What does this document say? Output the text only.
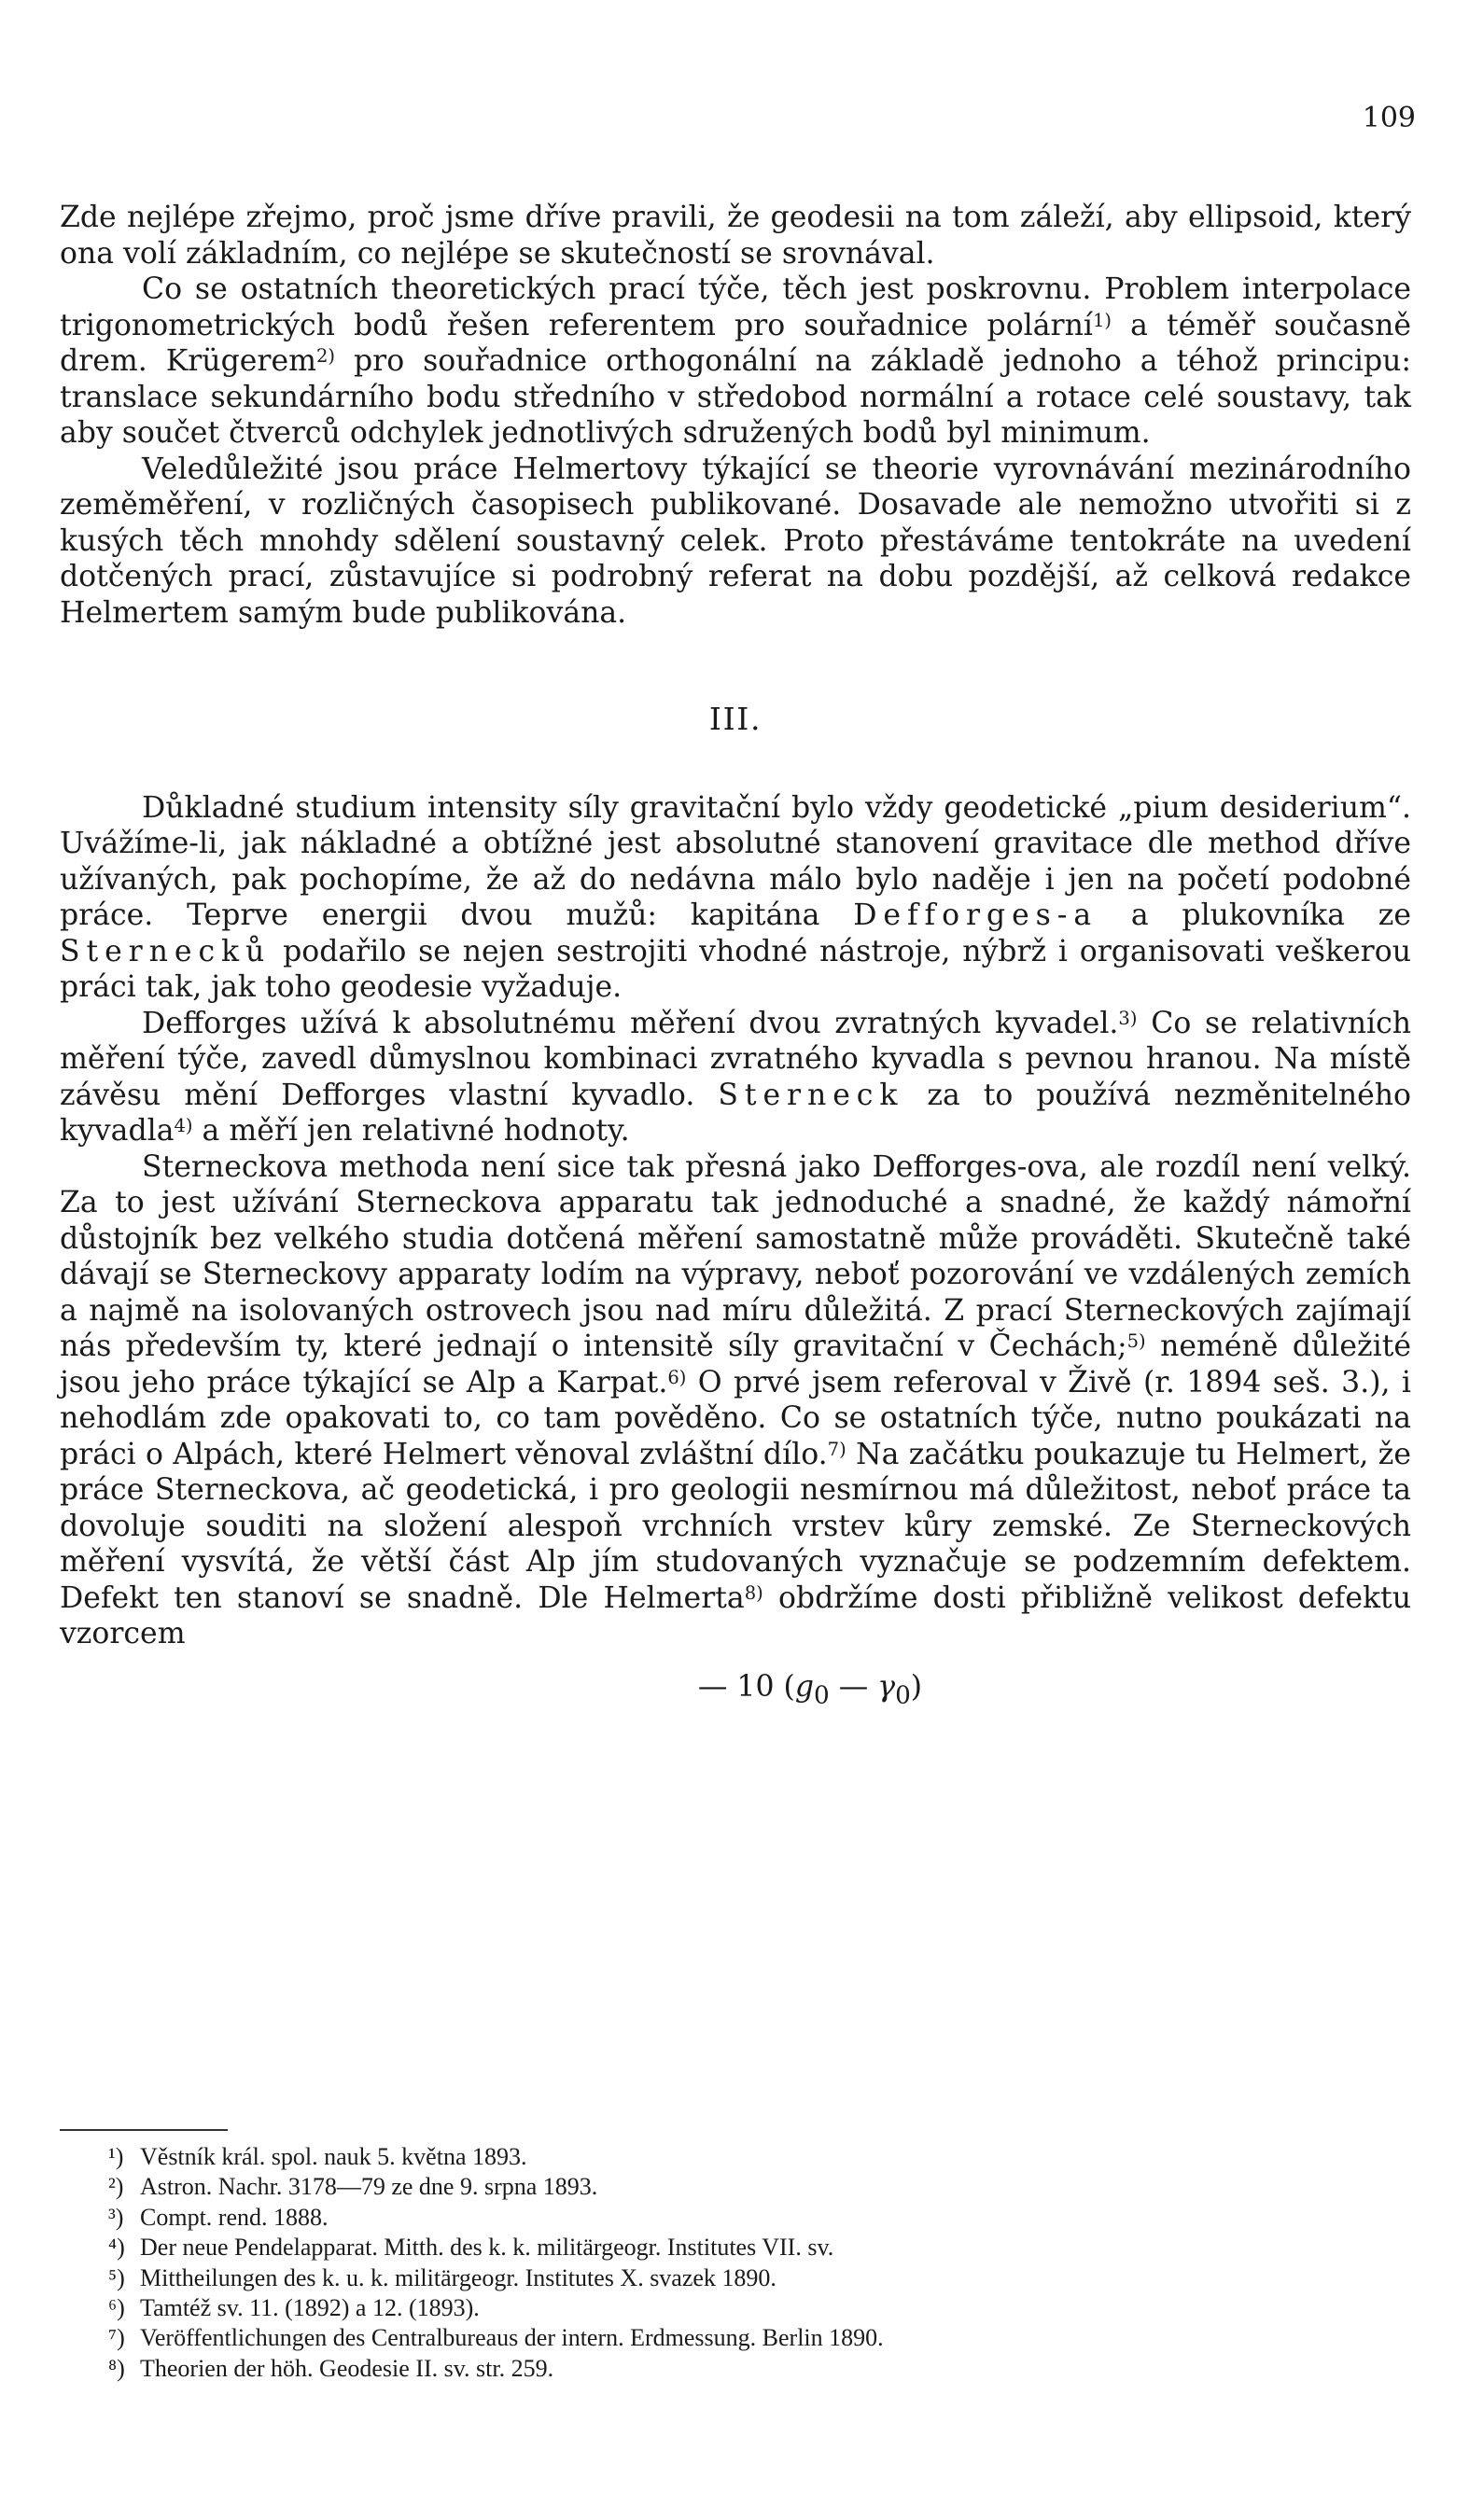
109

Zde nejlépe zřejmo, proč jsme dříve pravili, že geodesii na tom záleží, aby ellipsoid, který ona volí základním, co nejlépe se skutečností se srovnával.

Co se ostatních theoretických prací týče, těch jest poskrovnu. Problem interpolace trigonometrických bodů řešen referentem pro souřadnice polární$^{1)}$ a téměř současně drem. Krügerem$^{2)}$ pro souřadnice orthogonální na základě jednoho a téhož principu: translace sekundárního bodu středního v středobod normální a rotace celé soustavy, tak aby součet čtverců odchylek jednotlivých sdružených bodů byl minimum.

Veledůležité jsou práce Helmertovy týkající se theorie vyrovnávání mezinárodního zeměměření, v rozličných časopisech publikované. Dosavade ale nemožno utvořiti si z kusých těch mnohdy sdělení soustavný celek. Proto přestáváme tentokráte na uvedení dotčených prací, zůstavujíce si podrobný referat na dobu pozdější, až celková redakce Helmertem samým bude publikována.

III.

Důkladné studium intensity síly gravitační bylo vždy geodetické „pium desiderium“. Uvážíme-li, jak nákladné a obtížné jest absolutné stanovení gravitace dle method dříve užívaných, pak pochopíme, že až do nedávna málo bylo naděje i jen na početí podobné práce. Teprve energii dvou mužů: kapitána Defforges-a a plukovníka ze Sternecků podařilo se nejen sestrojiti vhodné nástroje, nýbrž i organisovati veškerou práci tak, jak toho geodesie vyžaduje.

Defforges užívá k absolutnému měření dvou zvratných kyvadel.$^{3)}$ Co se relativních měření týče, zavedl důmyslnou kombinaci zvratného kyvadla s pevnou hranou. Na místě závěsu mění Defforges vlastní kyvadlo. Sterneck za to používá nezměnitelného kyvadla$^{4)}$ a měří jen relativné hodnoty.

Sterneckova methoda není sice tak přesná jako Defforges-ova, ale rozdíl není velký. Za to jest užívání Sterneckova apparatu tak jednoduché a snadné, že každý námořní důstojník bez velkého studia dotčená měření samostatně může prováděti. Skutečně také dávají se Sterneckovy apparaty lodím na výpravy, neboť pozorování ve vzdálených zemích a najmě na isolovaných ostrovech jsou nad míru důležitá. Z prací Sterneckových zajímají nás především ty, které jednají o intensitě síly gravitační v Čechách;$^{5)}$ neméně důležité jsou jeho práce týkající se Alp a Karpat.$^{6)}$ O prvé jsem referoval v Živě (r. 1894 seš. 3.), i nehodlám zde opakovati to, co tam pověděno. Co se ostatních týče, nutno poukázati na práci o Alpách, které Helmert věnoval zvláštní dílo.$^{7)}$ Na začátku poukazuje tu Helmert, že práce Sterneckova, ač geodetická, i pro geologii nesmírnou má důležitost, neboť práce ta dovoluje souditi na složení alespoň vrchních vrstev kůry zemské. Ze Sterneckových měření vysvítá, že větší část Alp jím studovaných vyznačuje se podzemním defektem. Defekt ten stanoví se snadně. Dle Helmerta$^{8)}$ obdržíme dosti přibližně velikost defektu vzorcem

— 10 ($g_0$ — $\gamma_0$)

¹) Věstník král. spol. nauk 5. května 1893.
²) Astron. Nachr. 3178—79 ze dne 9. srpna 1893.
³) Compt. rend. 1888.
⁴) Der neue Pendelapparat. Mitth. des k. k. militärgeogr. Institutes VII. sv.
⁵) Mittheilungen des k. u. k. militärgeogr. Institutes X. svazek 1890.
⁶) Tamtéž sv. 11. (1892) a 12. (1893).
⁷) Veröffentlichungen des Centralbureaus der intern. Erdmessung. Berlin 1890.
⁸) Theorien der höh. Geodesie II. sv. str. 259.
